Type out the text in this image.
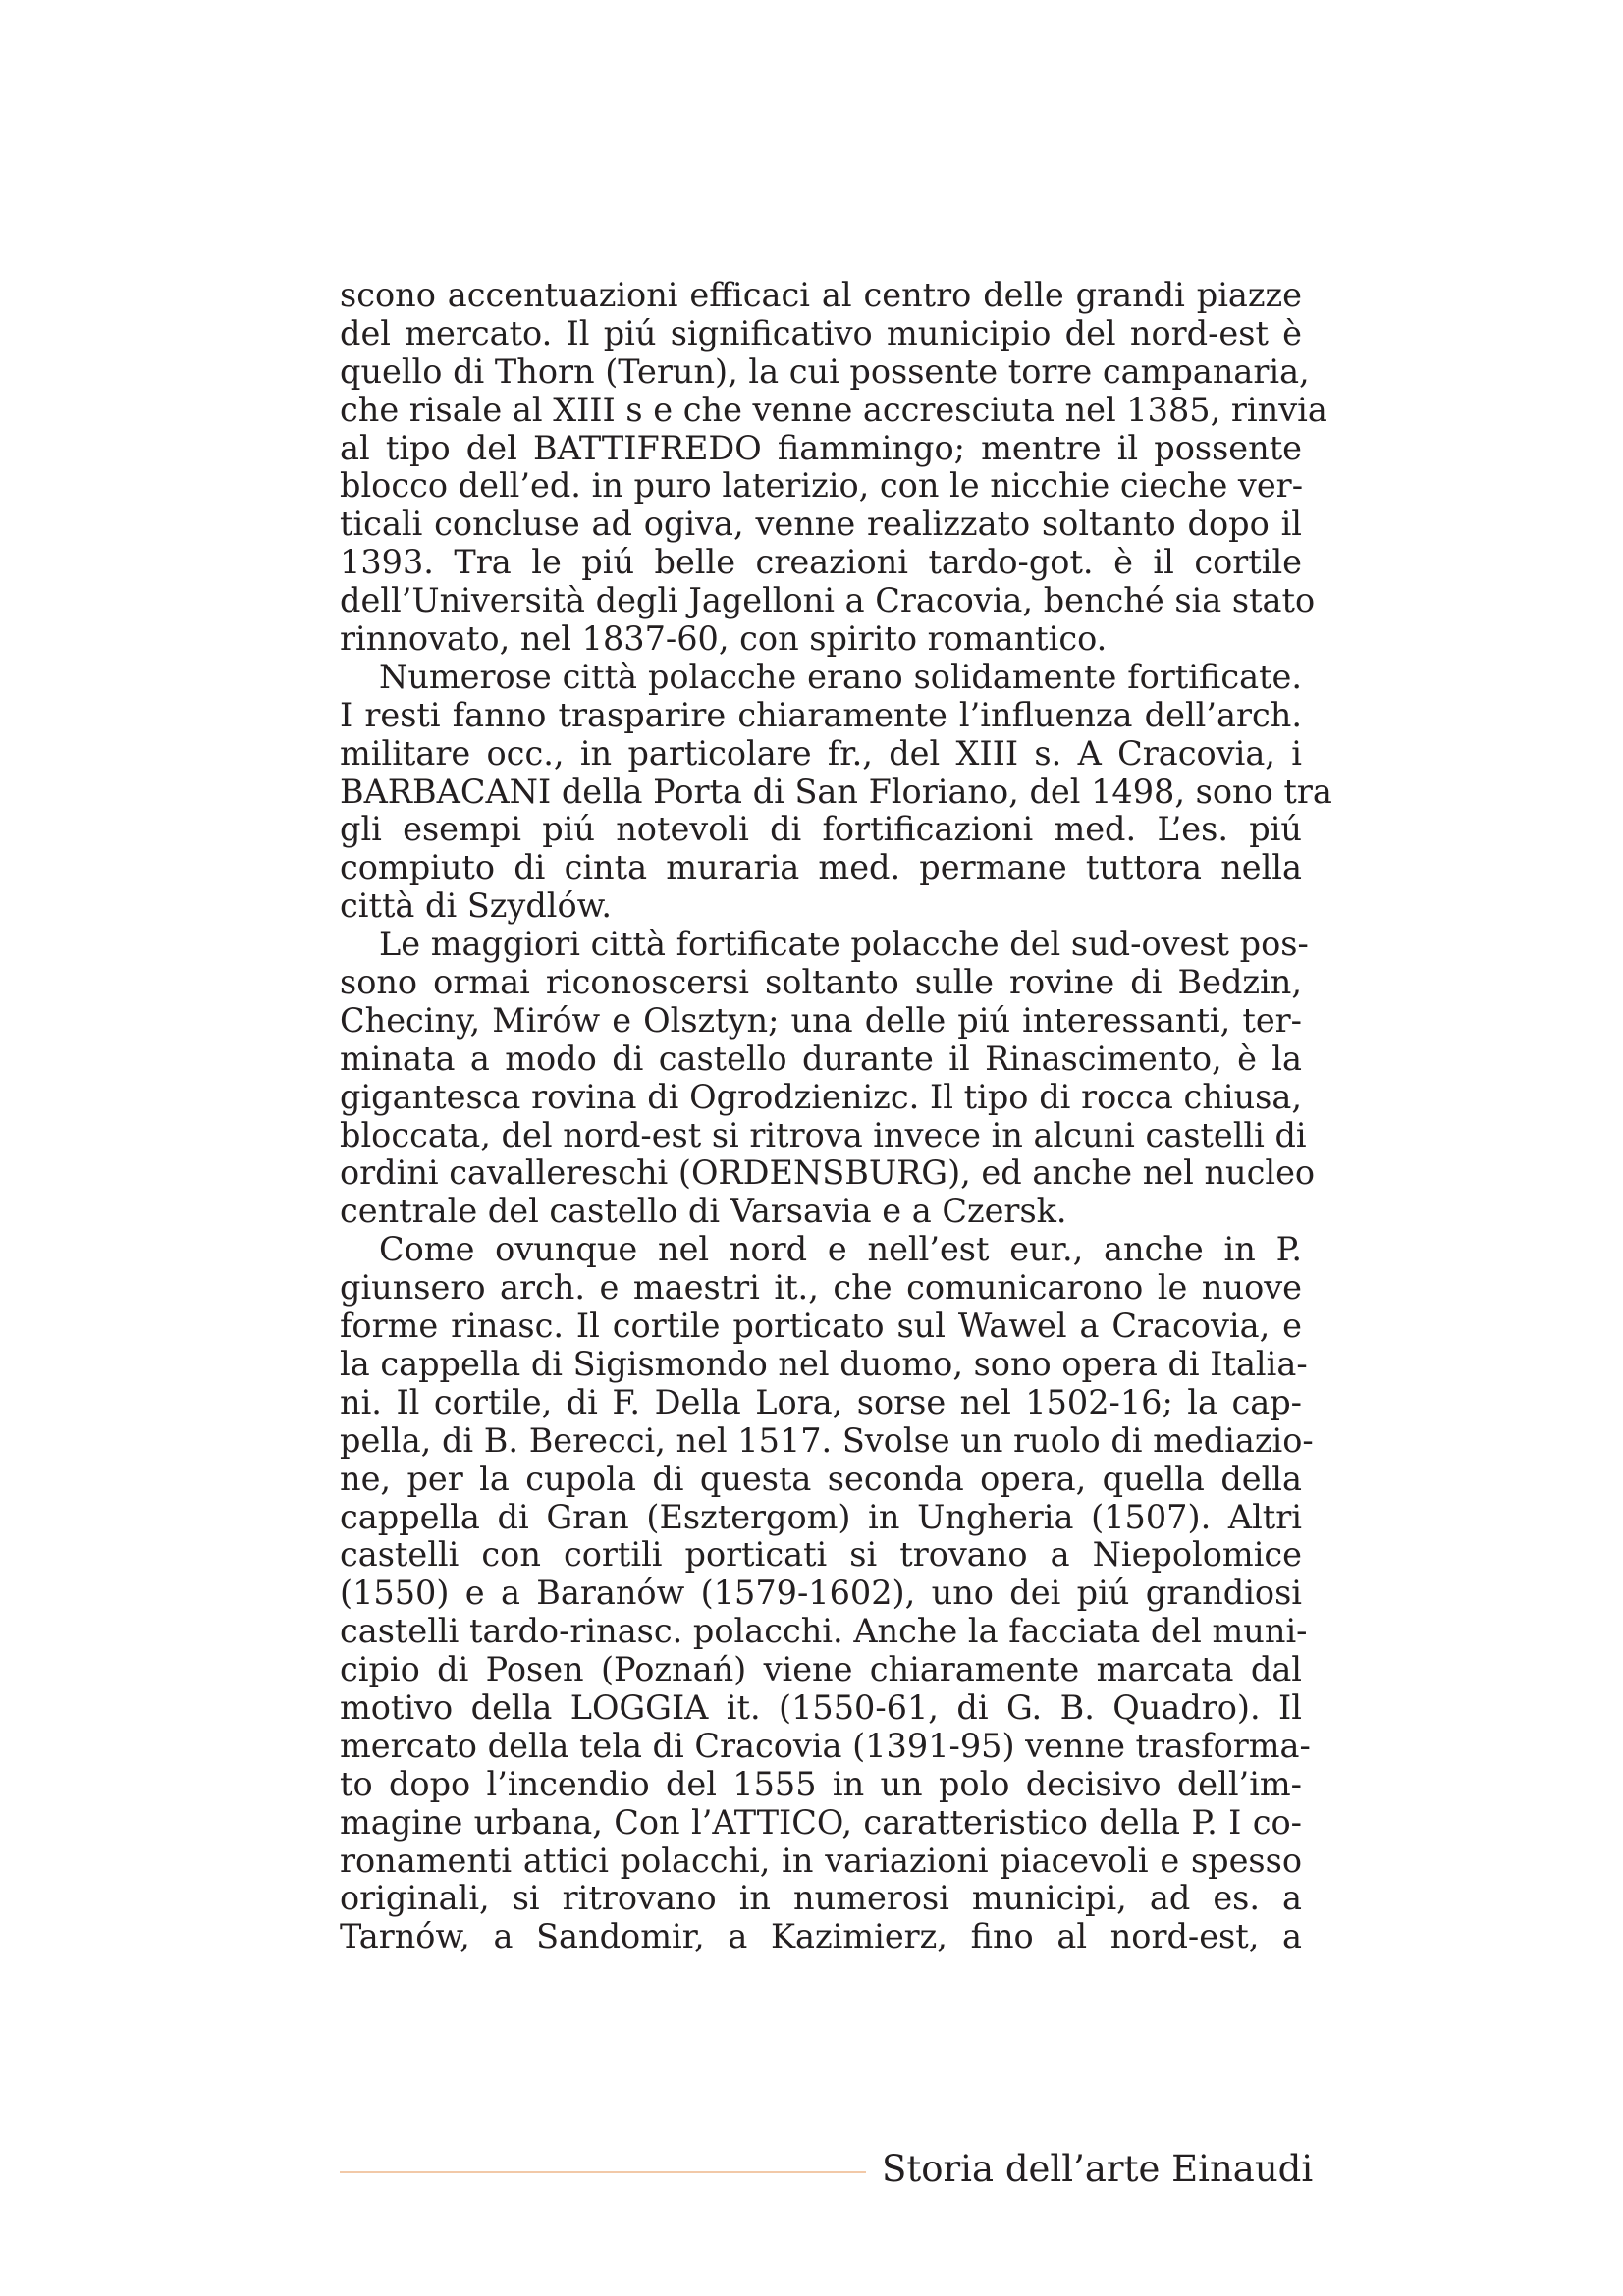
scono accentuazioni efficaci al centro delle grandi piazze
del mercato. Il piú significativo municipio del nord-est è
quello di Thorn (Terun), la cui possente torre campanaria,
che risale al XIII s e che venne accresciuta nel 1385, rinvia
al tipo del BATTIFREDO fiammingo; mentre il possente
blocco dell’ed. in puro laterizio, con le nicchie cieche ver-
ticali concluse ad ogiva, venne realizzato soltanto dopo il
1393. Tra le piú belle creazioni tardo-got. è il cortile
dell’Università degli Jagelloni a Cracovia, benché sia stato
rinnovato, nel 1837-60, con spirito romantico.
Numerose città polacche erano solidamente fortificate.
I resti fanno trasparire chiaramente l’influenza dell’arch.
militare occ., in particolare fr., del XIII s. A Cracovia, i
BARBACANI della Porta di San Floriano, del 1498, sono tra
gli esempi piú notevoli di fortificazioni med. L’es. piú
compiuto di cinta muraria med. permane tuttora nella
città di Szydlów.
Le maggiori città fortificate polacche del sud-ovest pos-
sono ormai riconoscersi soltanto sulle rovine di Bedzin,
Checiny, Mirów e Olsztyn; una delle piú interessanti, ter-
minata a modo di castello durante il Rinascimento, è la
gigantesca rovina di Ogrodzienizc. Il tipo di rocca chiusa,
bloccata, del nord-est si ritrova invece in alcuni castelli di
ordini cavallereschi (ORDENSBURG), ed anche nel nucleo
centrale del castello di Varsavia e a Czersk.
Come ovunque nel nord e nell’est eur., anche in P.
giunsero arch. e maestri it., che comunicarono le nuove
forme rinasc. Il cortile porticato sul Wawel a Cracovia, e
la cappella di Sigismondo nel duomo, sono opera di Italia-
ni. Il cortile, di F. Della Lora, sorse nel 1502-16; la cap-
pella, di B. Berecci, nel 1517. Svolse un ruolo di mediazio-
ne, per la cupola di questa seconda opera, quella della
cappella di Gran (Esztergom) in Ungheria (1507). Altri
castelli con cortili porticati si trovano a Niepolomice
(1550) e a Baranów (1579-1602), uno dei piú grandiosi
castelli tardo-rinasc. polacchi. Anche la facciata del muni-
cipio di Posen (Poznań) viene chiaramente marcata dal
motivo della LOGGIA it. (1550-61, di G. B. Quadro). Il
mercato della tela di Cracovia (1391-95) venne trasforma-
to dopo l’incendio del 1555 in un polo decisivo dell’im-
magine urbana, Con l’ATTICO, caratteristico della P. I co-
ronamenti attici polacchi, in variazioni piacevoli e spesso
originali, si ritrovano in numerosi municipi, ad es. a
Tarnów, a Sandomir, a Kazimierz, fino al nord-est, a
Storia dell’arte Einaudi
